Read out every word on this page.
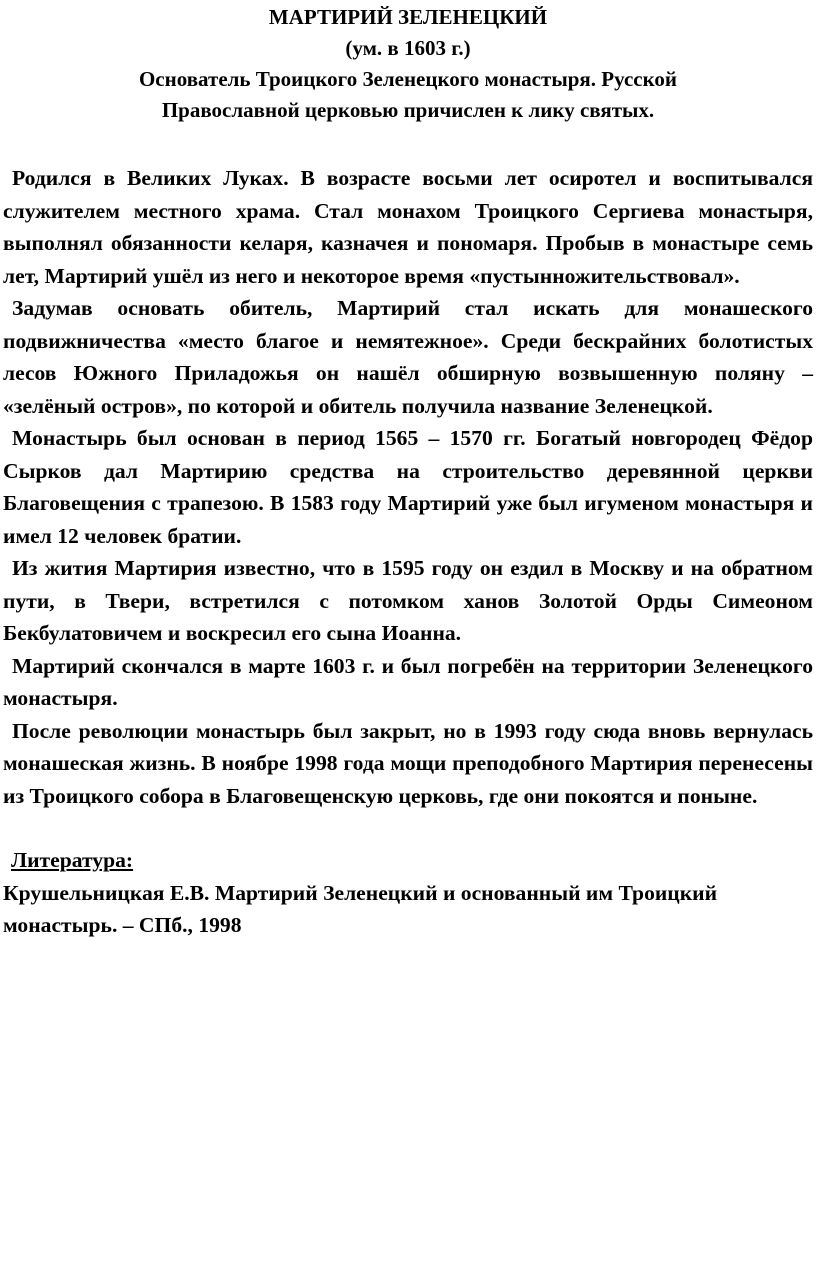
МАРТИРИЙ ЗЕЛЕНЕЦКИЙ
(ум. в 1603 г.)
Основатель Троицкого Зеленецкого монастыря. Русской Православной церковью причислен к лику святых.

Родился в Великих Луках. В возрасте восьми лет осиротел и воспитывался служителем местного храма. Стал монахом Троицкого Сергиева монастыря, выполнял обязанности келаря, казначея и пономаря. Пробыв в монастыре семь лет, Мартирий ушёл из него и некоторое время «пустынножительствовал».

Задумав основать обитель, Мартирий стал искать для монашеского подвижничества «место благое и немятежное». Среди бескрайних болотистых лесов Южного Приладожья он нашёл обширную возвышенную поляну – «зелёный остров», по которой и обитель получила название Зеленецкой.

Монастырь был основан в период 1565 – 1570 гг. Богатый новгородец Фёдор Сырков дал Мартирию средства на строительство деревянной церкви Благовещения с трапезою. В 1583 году Мартирий уже был игуменом монастыря и имел 12 человек братии.

Из жития Мартирия известно, что в 1595 году он ездил в Москву и на обратном пути, в Твери, встретился с потомком ханов Золотой Орды Симеоном Бекбулатовичем и воскресил его сына Иоанна.

Мартирий скончался в марте 1603 г. и был погребён на территории Зеленецкого монастыря.

После революции монастырь был закрыт, но в 1993 году сюда вновь вернулась монашеская жизнь. В ноябре 1998 года мощи преподобного Мартирия перенесены из Троицкого собора в Благовещенскую церковь, где они покоятся и поныне.

Литература:

Крушельницкая Е.В. Мартирий Зеленецкий и основанный им Троицкий монастырь. – СПб., 1998
